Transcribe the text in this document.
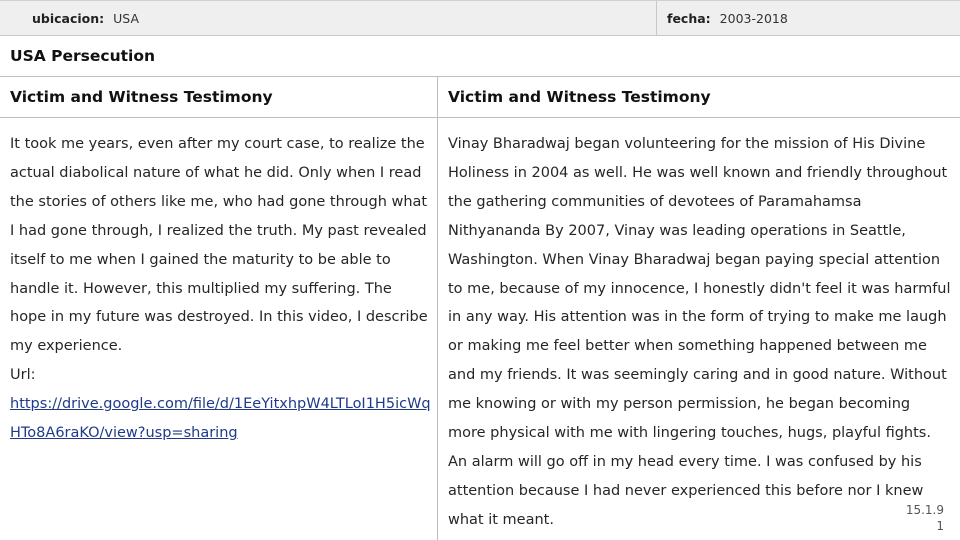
ubicacion: USA	fecha: 2003-2018
USA Persecution
Victim and Witness Testimony	Victim and Witness Testimony

It took me years, even after my court case, to realize the actual diabolical nature of what he did. Only when I read the stories of others like me, who had gone through what I had gone through, I realized the truth. My past revealed itself to me when I gained the maturity to be able to handle it. However, this multiplied my suffering. The hope in my future was destroyed. In this video, I describe my experience.

Url:

https://drive.google.com/file/d/1EeYitxhpW4LTLoI1H5icWqHTo8A6raKO/view?usp=sharing

Vinay Bharadwaj began volunteering for the mission of His Divine Holiness in 2004 as well. He was well known and friendly throughout the gathering communities of devotees of Paramahamsa Nithyananda By 2007, Vinay was leading operations in Seattle, Washington. When Vinay Bharadwaj began paying special attention to me, because of my innocence, I honestly didn't feel it was harmful in any way. His attention was in the form of trying to make me laugh or making me feel better when something happened between me and my friends. It was seemingly caring and in good nature. Without me knowing or with my person permission, he began becoming more physical with me with lingering touches, hugs, playful fights. An alarm will go off in my head every time. I was confused by his attention because I had never experienced this before nor I knew what it meant.

15.1.9
1
